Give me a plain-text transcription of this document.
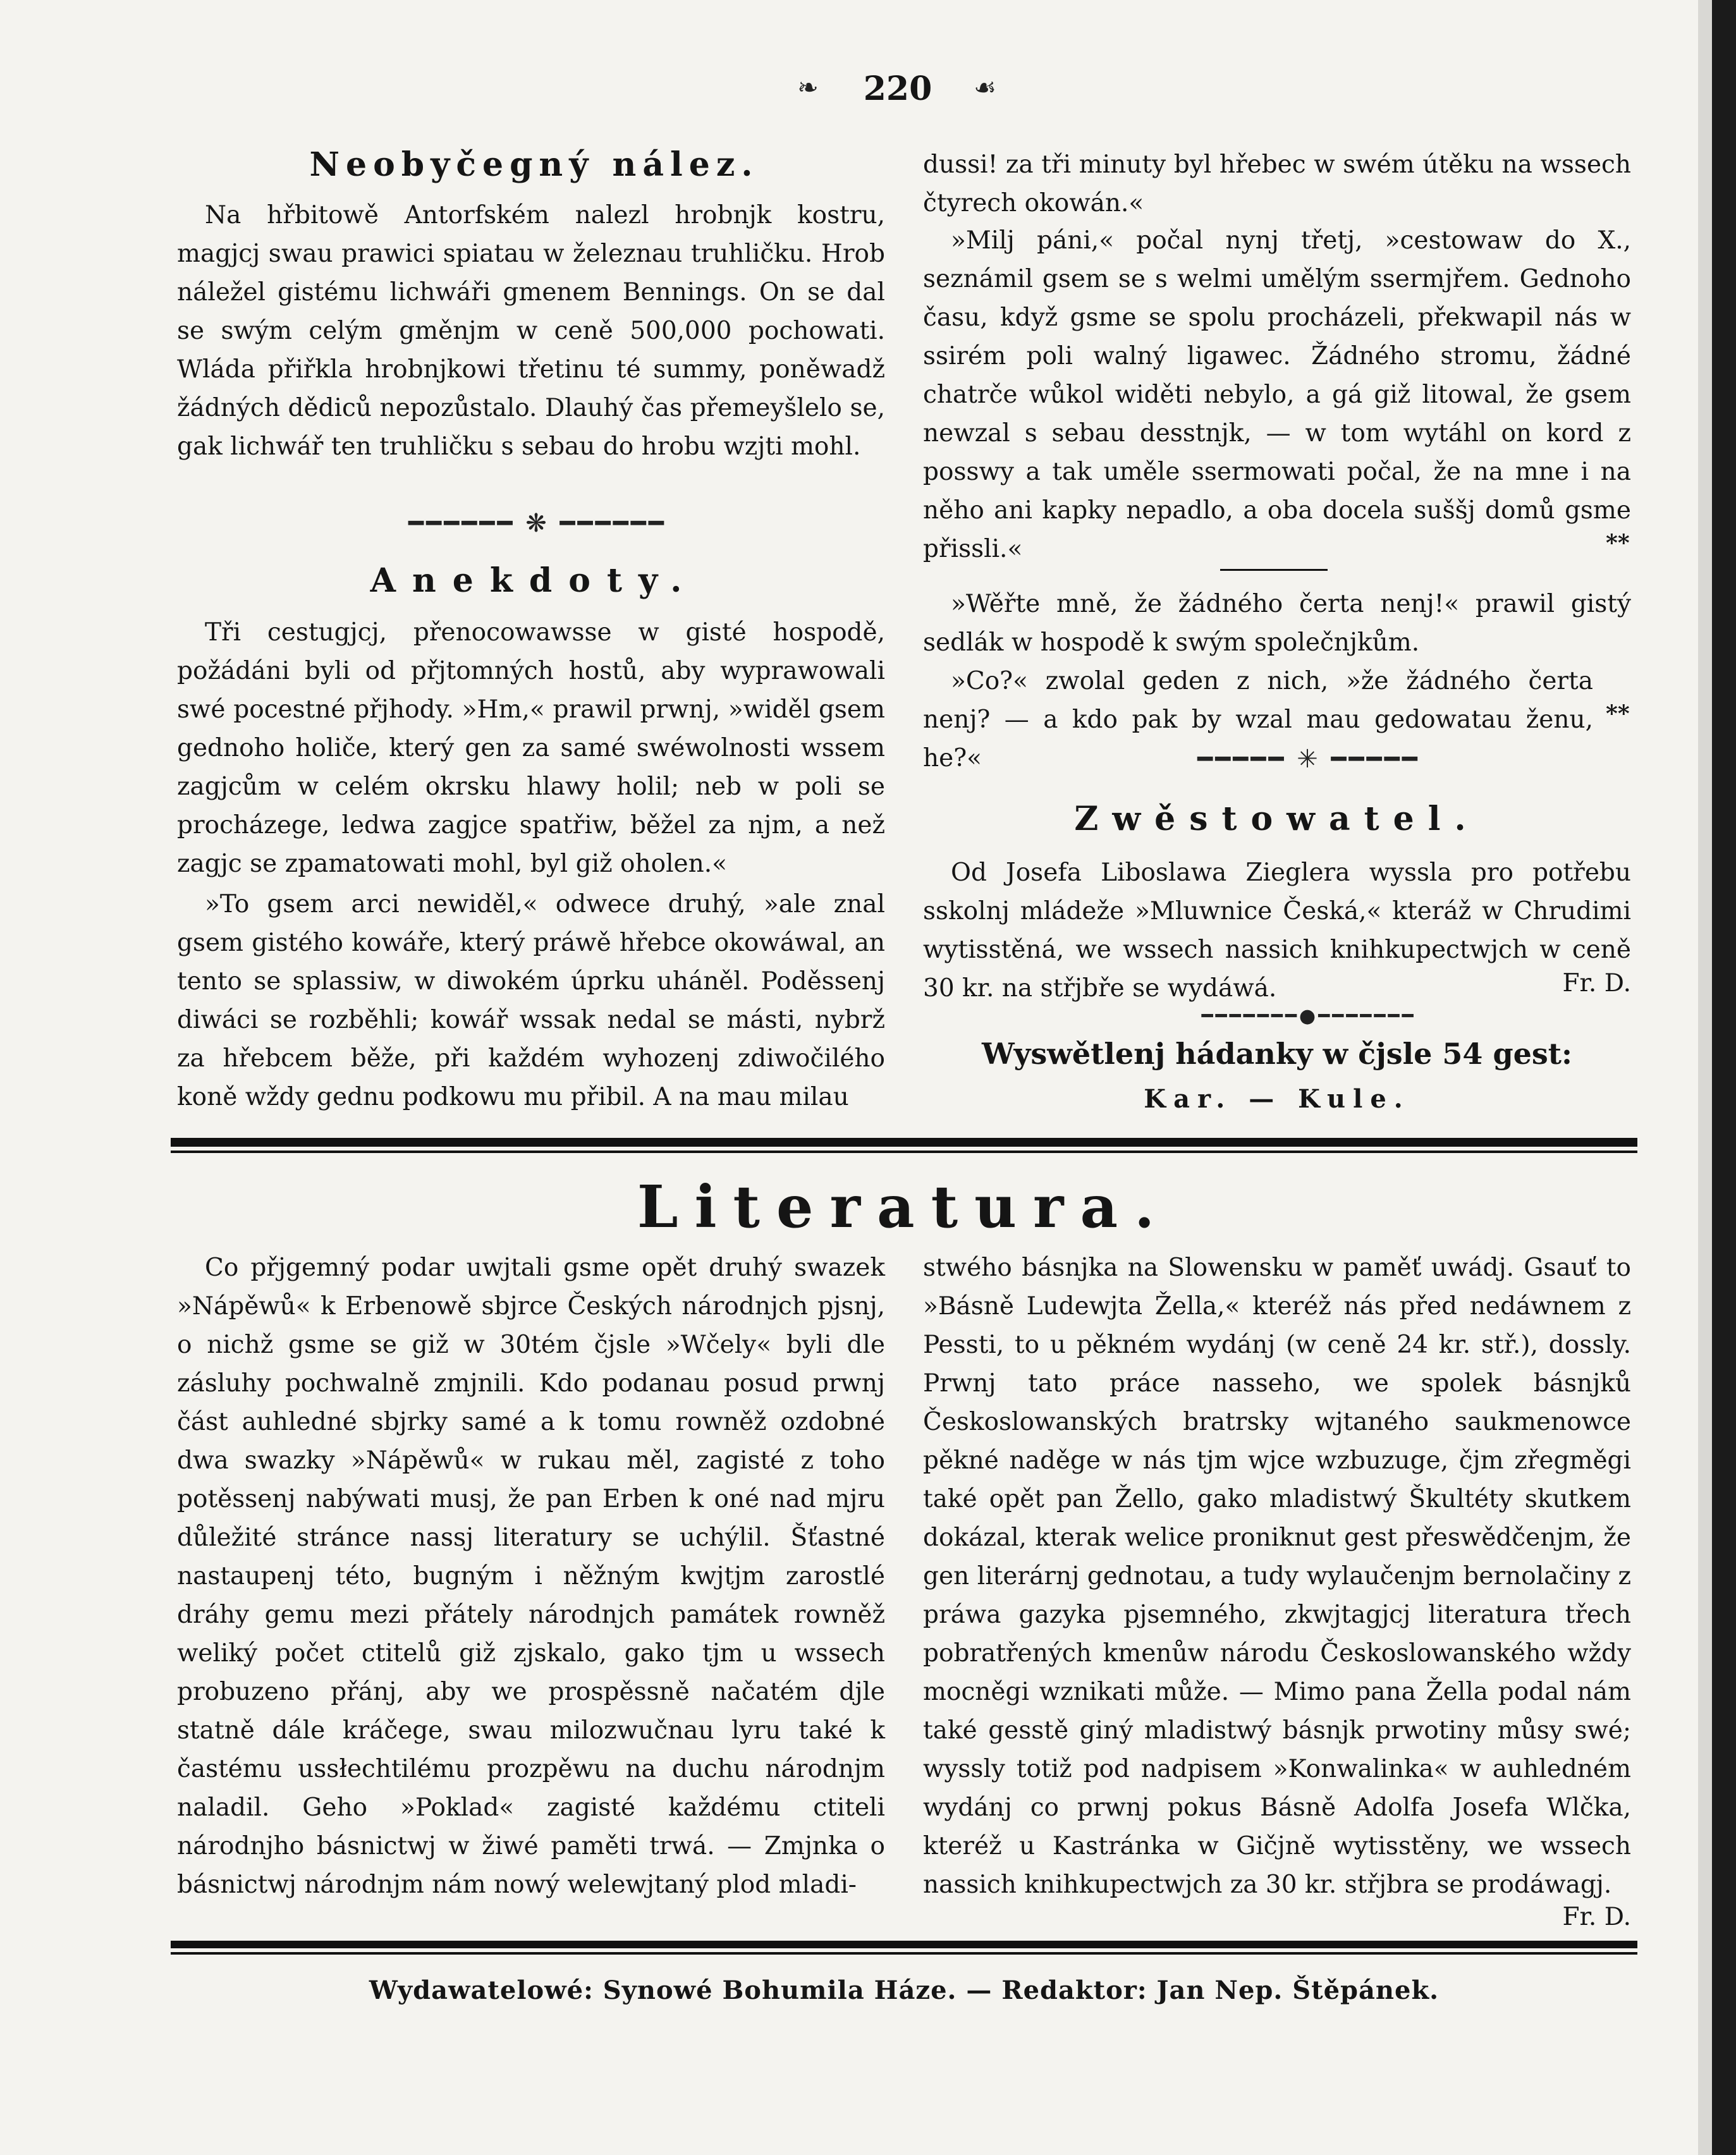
❧	220	☙
Neobyčegný nález.

Na hřbitowě Antorfském nalezl hrobnjk kostru, magjcj swau prawici spiatau w železnau truhličku. Hrob náležel gistému lichwáři gmenem Bennings. On se dal se swým celým gměnjm w ceně 500,000 pochowati. Wláda přiřkla hrobnjkowi třetinu té summy, poněwadž žádných dědiců nepozůstalo. Dlauhý čas přemeyšlelo se, gak lichwář ten truhličku s sebau do hrobu wzjti mohl.

━━━━━━ ❋ ━━━━━━
Anekdoty.

Tři cestugjcj, přenocowawsse w gisté hospodě, požádáni byli od přjtomných hostů, aby wyprawowali swé pocestné přjhody. »Hm,« prawil prwnj, »widěl gsem gednoho holiče, který gen za samé swéwolnosti wssem zagjcům w celém okrsku hlawy holil; neb w poli se procházege, ledwa zagjce spatřiw, běžel za njm, a než zagjc se zpamatowati mohl, byl giž oholen.«

»To gsem arci newiděl,« odwece druhý, »ale znal gsem gistého kowáře, který práwě hřebce okowáwal, an tento se splassiw, w diwokém úprku uháněl. Poděssenj diwáci se rozběhli; kowář wssak nedal se másti, nybrž za hřebcem běže, při každém wyhozenj zdiwočilého koně wždy gednu podkowu mu přibil. A na mau milau

dussi! za tři minuty byl hřebec w swém útěku na wssech čtyrech okowán.«

»Milj páni,« počal nynj třetj, »cestowaw do X., seznámil gsem se s welmi umělým ssermjřem. Gednoho času, když gsme se spolu procházeli, překwapil nás w ssirém poli walný ligawec. Žádného stromu, žádné chatrče wůkol widěti nebylo, a gá giž litowal, že gsem newzal s sebau desstnjk, — w tom wytáhl on kord z posswy a tak uměle ssermowati počal, že na mne i na něho ani kapky nepadlo, a oba docela suššj domů gsme přissli.«	**

»Wěřte mně, že žádného čerta nenj!« prawil gistý sedlák w hospodě k swým společnjkům.

»Co?« zwolal geden z nich, »že žádného čerta nenj? — a kdo pak by wzal mau gedowatau ženu, he?«

**
━━━━━ ✳ ━━━━━
Zwěstowatel.

Od Josefa Liboslawa Zieglera wyssla pro potřebu sskolnj mládeže »Mluwnice Česká,« kteráž w Chrudimi wytisstěná, we wssech nassich knihkupectwjch w ceně 30 kr. na střjbře se wydáwá.	Fr. D.
━━━━━━━●━━━━━━━
Wyswětlenj hádanky w čjsle 54 gest:
Kar. — Kule.
Literatura.

Co přjgemný podar uwjtali gsme opět druhý swazek »Nápěwů« k Erbenowě sbjrce Českých národnjch pjsnj, o nichž gsme se giž w 30tém čjsle »Wčely« byli dle zásluhy pochwalně zmjnili. Kdo podanau posud prwnj část auhledné sbjrky samé a k tomu rowněž ozdobné dwa swazky »Nápěwů« w rukau měl, zagisté z toho potěssenj nabýwati musj, že pan Erben k oné nad mjru důležité stránce nassj literatury se uchýlil. Šťastné nastaupenj této, bugným i něžným kwjtjm zarostlé dráhy gemu mezi přátely národnjch památek rowněž weliký počet ctitelů giž zjskalo, gako tjm u wssech probuzeno přánj, aby we prospěssně načatém djle statně dále kráčege, swau milozwučnau lyru také k častému ussłechtilému prozpěwu na duchu národnjm naladil. Geho »Poklad« zagisté každému ctiteli národnjho básnictwj w žiwé paměti trwá. — Zmjnka o básnictwj národnjm nám nowý welewjtaný plod mladi-

stwého básnjka na Slowensku w paměť uwádj. Gsauť to »Básně Ludewjta Žella,« kteréž nás před nedáwnem z Pessti, to u pěkném wydánj (w ceně 24 kr. stř.), dossly. Prwnj tato práce nasseho, we spolek básnjků Českoslowanských bratrsky wjtaného saukmenowce pěkné naděge w nás tjm wjce wzbuzuge, čjm zřegměgi také opět pan Žello, gako mladistwý Škultéty skutkem dokázal, kterak welice proniknut gest přeswědčenjm, že gen literárnj gednotau, a tudy wylaučenjm bernolačiny z práwa gazyka pjsemného, zkwjtagjcj literatura třech pobratřených kmenůw národu Českoslowanského wždy mocněgi wznikati může. — Mimo pana Žella podal nám také gesstě giný mladistwý básnjk prwotiny můsy swé; wyssly totiž pod nadpisem »Konwalinka« w auhledném wydánj co prwnj pokus Básně Adolfa Josefa Wlčka, kteréž u Kastránka w Gičjně wytisstěny, we wssech nassich knihkupectwjch za 30 kr. střjbra se prodáwagj.

Fr. D.
Wydawatelowé: Synowé Bohumila Háze. — Redaktor: Jan Nep. Štěpánek.
